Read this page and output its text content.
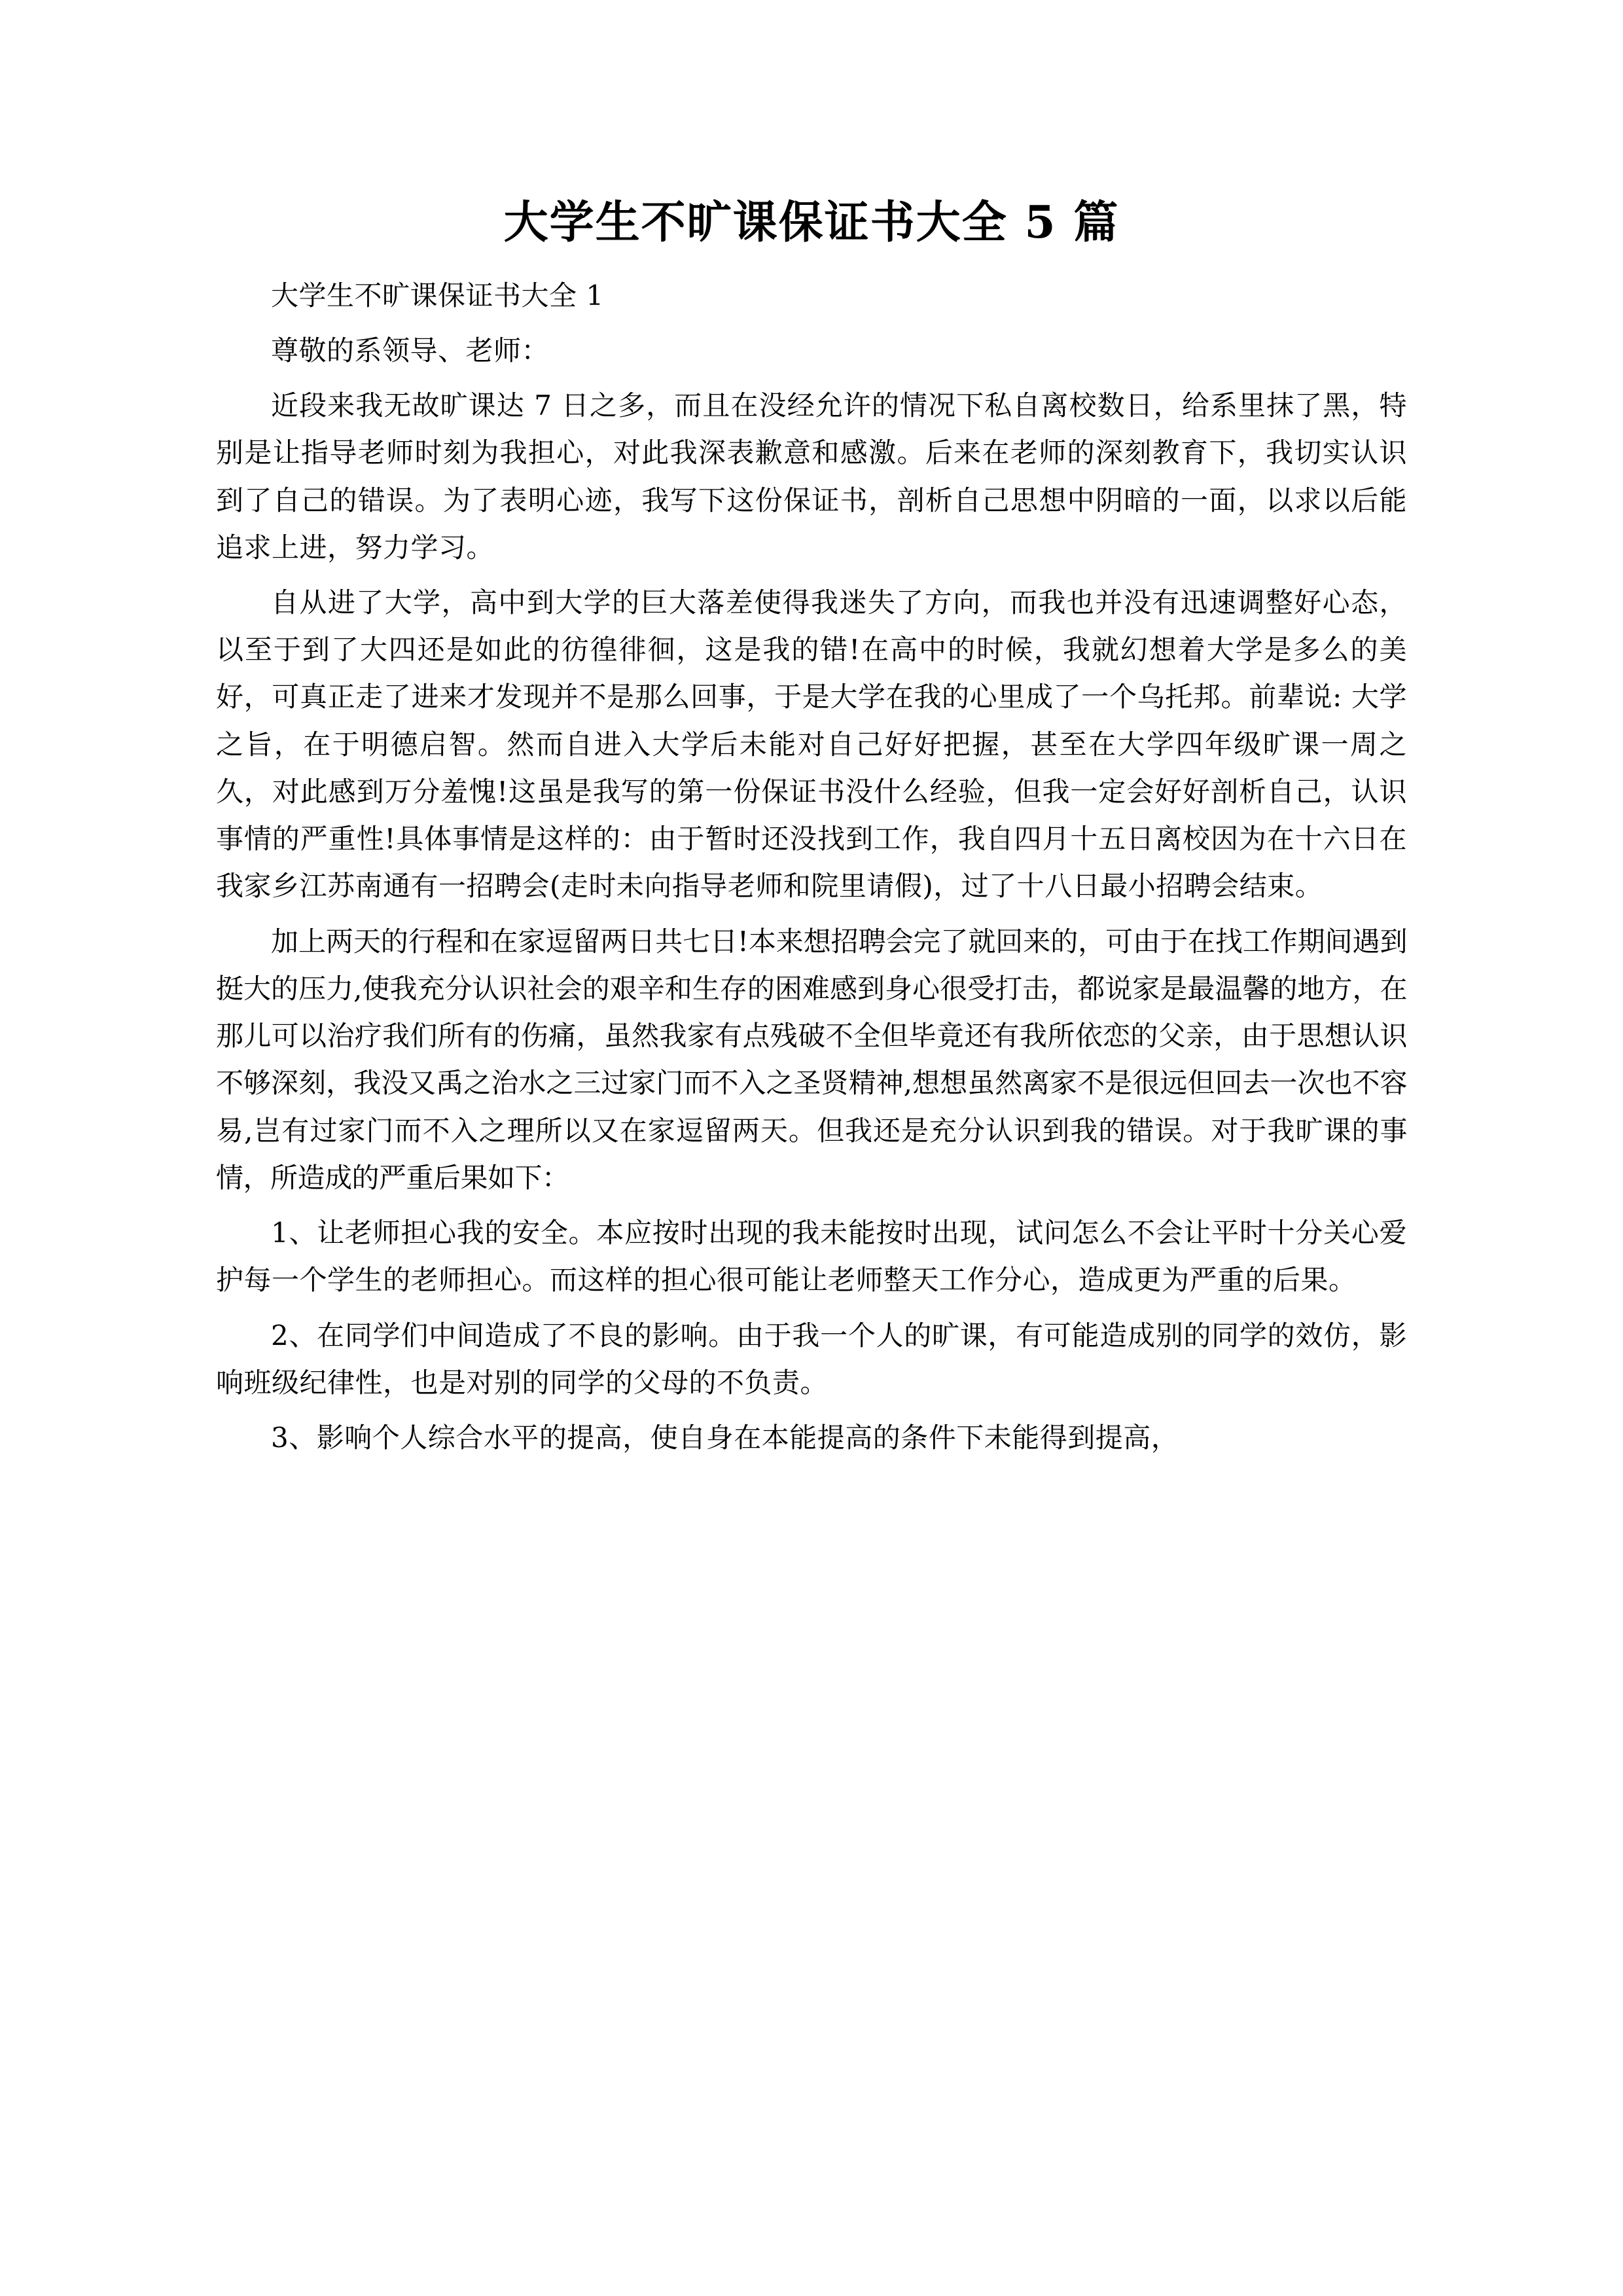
大学生不旷课保证书大全 5 篇

大学生不旷课保证书大全 1

尊敬的系领导、老师：

近段来我无故旷课达 7 日之多，而且在没经允许的情况下私自离校数日，给系里抹了黑，特别是让指导老师时刻为我担心，对此我深表歉意和感激。后来在老师的深刻教育下，我切实认识到了自己的错误。为了表明心迹，我写下这份保证书，剖析自己思想中阴暗的一面，以求以后能追求上进，努力学习。

自从进了大学，高中到大学的巨大落差使得我迷失了方向，而我也并没有迅速调整好心态，以至于到了大四还是如此的彷徨徘徊，这是我的错!在高中的时候，我就幻想着大学是多么的美好，可真正走了进来才发现并不是那么回事，于是大学在我的心里成了一个乌托邦。前辈说: 大学之旨，在于明德启智。然而自进入大学后未能对自己好好把握，甚至在大学四年级旷课一周之久，对此感到万分羞愧!这虽是我写的第一份保证书没什么经验，但我一定会好好剖析自己，认识事情的严重性!具体事情是这样的：由于暂时还没找到工作，我自四月十五日离校因为在十六日在我家乡江苏南通有一招聘会(走时未向指导老师和院里请假)，过了十八日最小招聘会结束。

加上两天的行程和在家逗留两日共七日!本来想招聘会完了就回来的，可由于在找工作期间遇到挺大的压力,使我充分认识社会的艰辛和生存的困难感到身心很受打击，都说家是最温馨的地方，在那儿可以治疗我们所有的伤痛，虽然我家有点残破不全但毕竟还有我所依恋的父亲，由于思想认识不够深刻，我没又禹之治水之三过家门而不入之圣贤精神,想想虽然离家不是很远但回去一次也不容易,岂有过家门而不入之理所以又在家逗留两天。但我还是充分认识到我的错误。对于我旷课的事情，所造成的严重后果如下：

1、让老师担心我的安全。本应按时出现的我未能按时出现，试问怎么不会让平时十分关心爱护每一个学生的老师担心。而这样的担心很可能让老师整天工作分心，造成更为严重的后果。

2、在同学们中间造成了不良的影响。由于我一个人的旷课，有可能造成别的同学的效仿，影响班级纪律性，也是对别的同学的父母的不负责。

3、影响个人综合水平的提高，使自身在本能提高的条件下未能得到提高，
